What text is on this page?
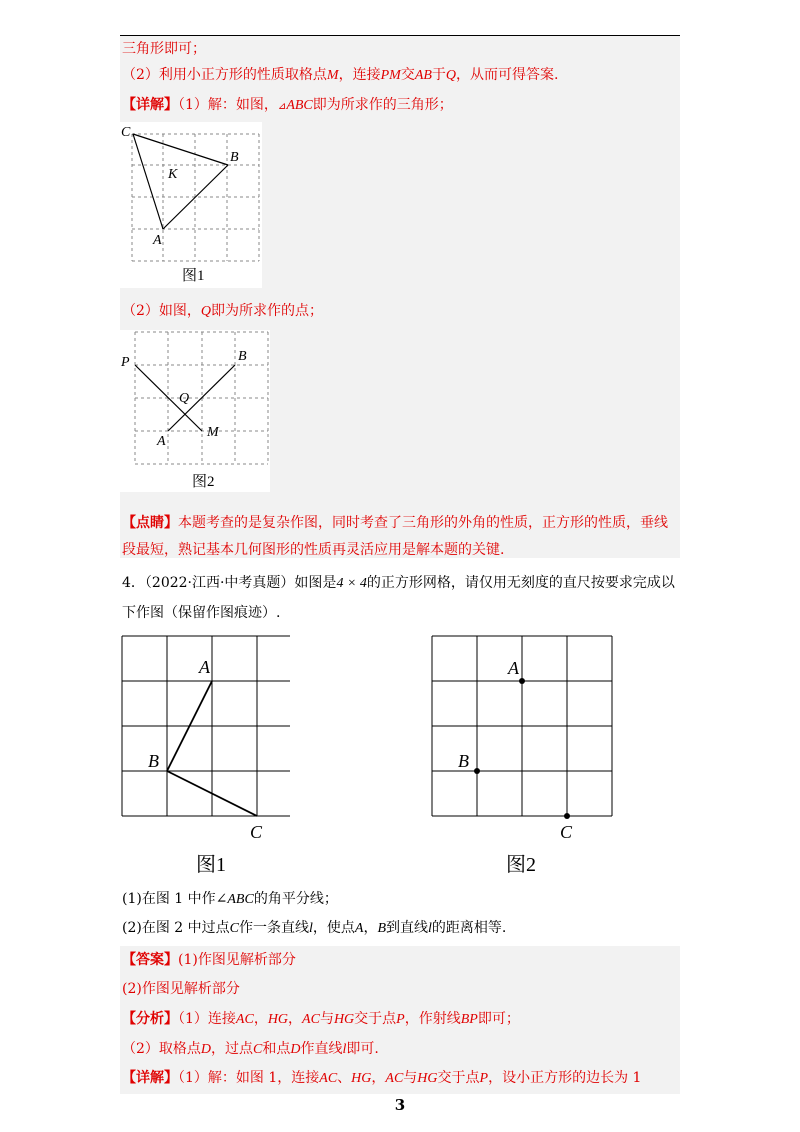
三角形即可；
（2）利用小正方形的性质取格点M，连接PM交AB于Q，从而可得答案.
【详解】（1）解：如图，⊿ABC即为所求作的三角形；
C
B
K
A
图1
（2）如图，Q即为所求作的点；
P	B
Q
A
M
图2
【点睛】本题考查的是复杂作图，同时考查了三角形的外角的性质，正方形的性质，垂线
段最短，熟记基本几何图形的性质再灵活应用是解本题的关键.
4．（2022·江西·中考真题）如图是4 × 4的正方形网格，请仅用无刻度的直尺按要求完成以
下作图（保留作图痕迹）.
A
B
C
图1
A
B
C
图2
(1)在图 1 中作∠ABC的角平分线；
(2)在图 2 中过点C作一条直线l，使点A，B到直线l的距离相等.
【答案】(1)作图见解析部分
(2)作图见解析部分
【分析】（1）连接AC，HG，AC与HG交于点P，作射线BP即可；
（2）取格点D，过点C和点D作直线l即可.
【详解】（1）解：如图 1，连接AC、HG，AC与HG交于点P，设小正方形的边长为 1
3
